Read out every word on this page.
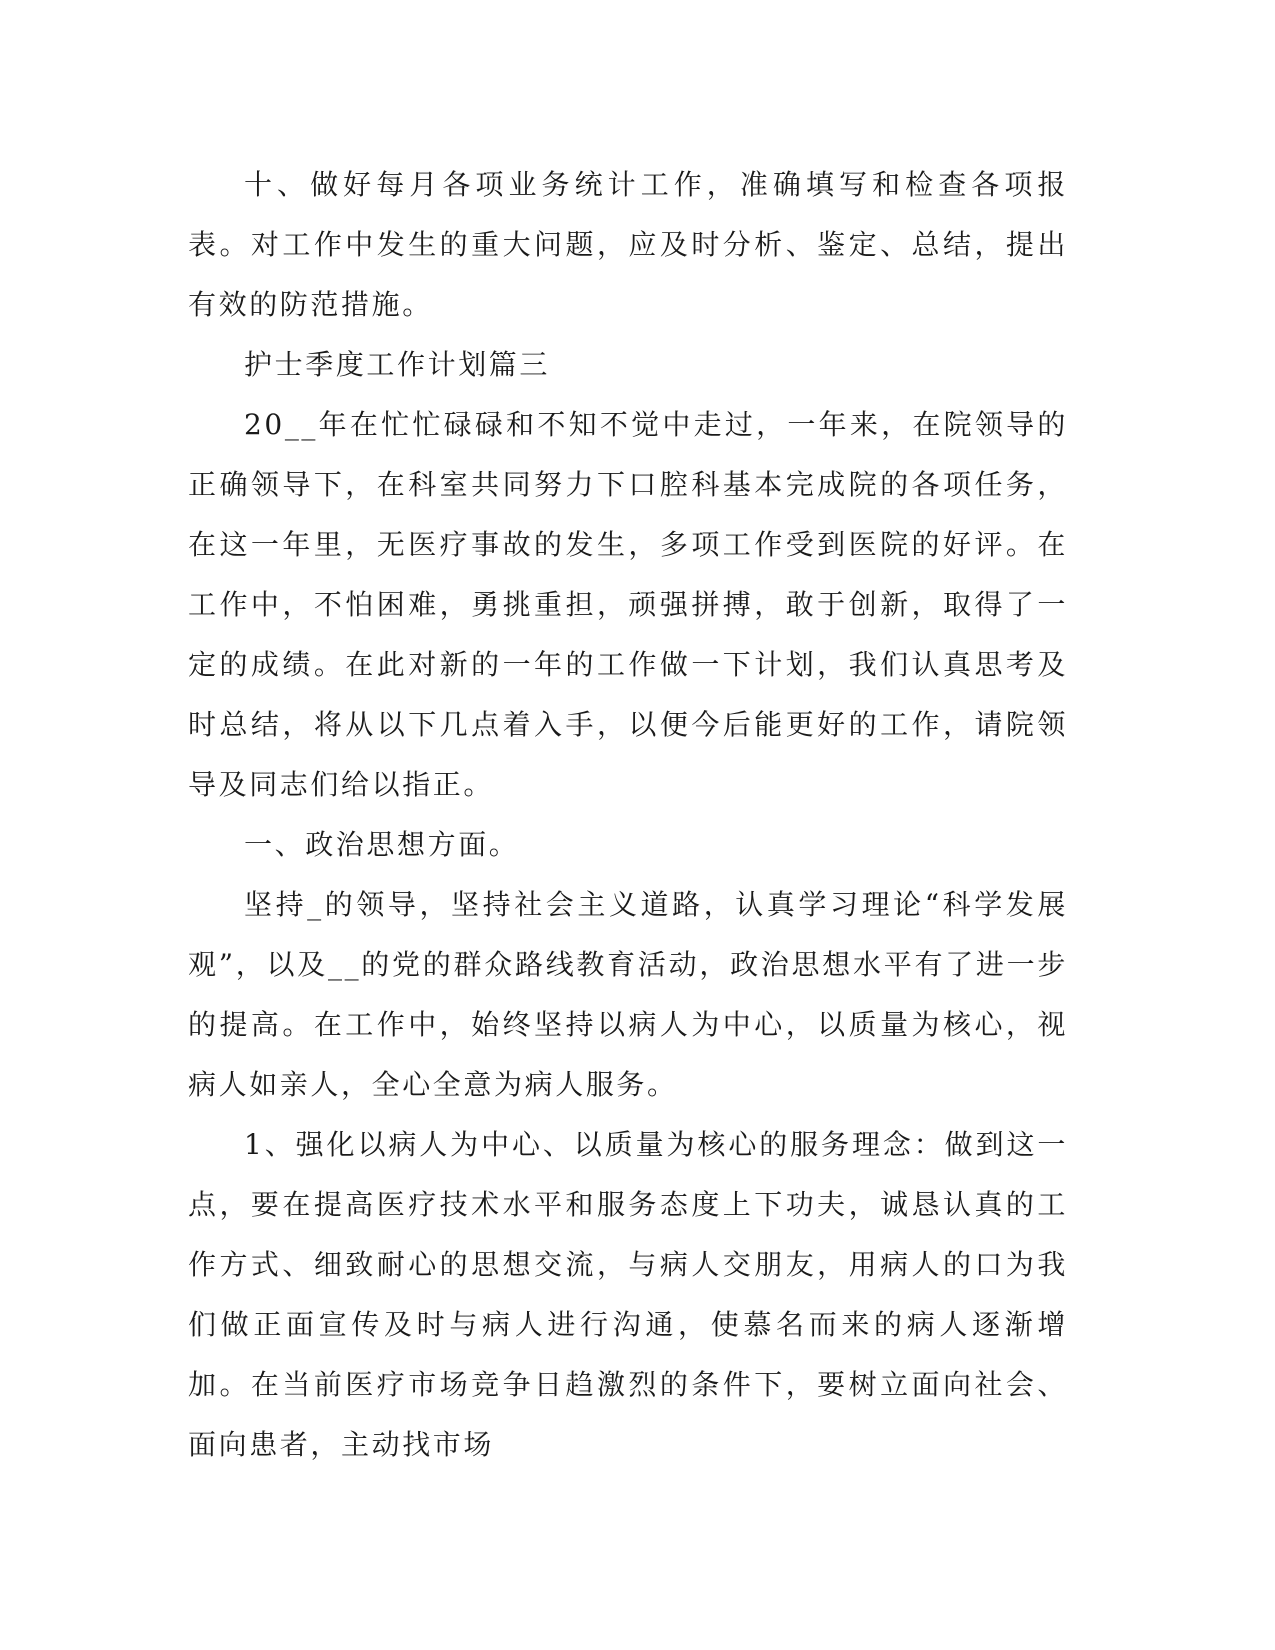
十、做好每月各项业务统计工作，准确填写和检查各项报表。对工作中发生的重大问题，应及时分析、鉴定、总结，提出有效的防范措施。

护士季度工作计划篇三

20__年在忙忙碌碌和不知不觉中走过，一年来，在院领导的正确领导下，在科室共同努力下口腔科基本完成院的各项任务，在这一年里，无医疗事故的发生，多项工作受到医院的好评。在工作中，不怕困难，勇挑重担，顽强拼搏，敢于创新，取得了一定的成绩。在此对新的一年的工作做一下计划，我们认真思考及时总结，将从以下几点着入手，以便今后能更好的工作，请院领导及同志们给以指正。

一、政治思想方面。

坚持_的领导，坚持社会主义道路，认真学习理论“科学发展观”，以及__的党的群众路线教育活动，政治思想水平有了进一步的提高。在工作中，始终坚持以病人为中心，以质量为核心，视病人如亲人，全心全意为病人服务。

1、强化以病人为中心、以质量为核心的服务理念：做到这一点，要在提高医疗技术水平和服务态度上下功夫，诚恳认真的工作方式、细致耐心的思想交流，与病人交朋友，用病人的口为我们做正面宣传及时与病人进行沟通，使慕名而来的病人逐渐增加。在当前医疗市场竞争日趋激烈的条件下，要树立面向社会、面向患者，主动找市场
